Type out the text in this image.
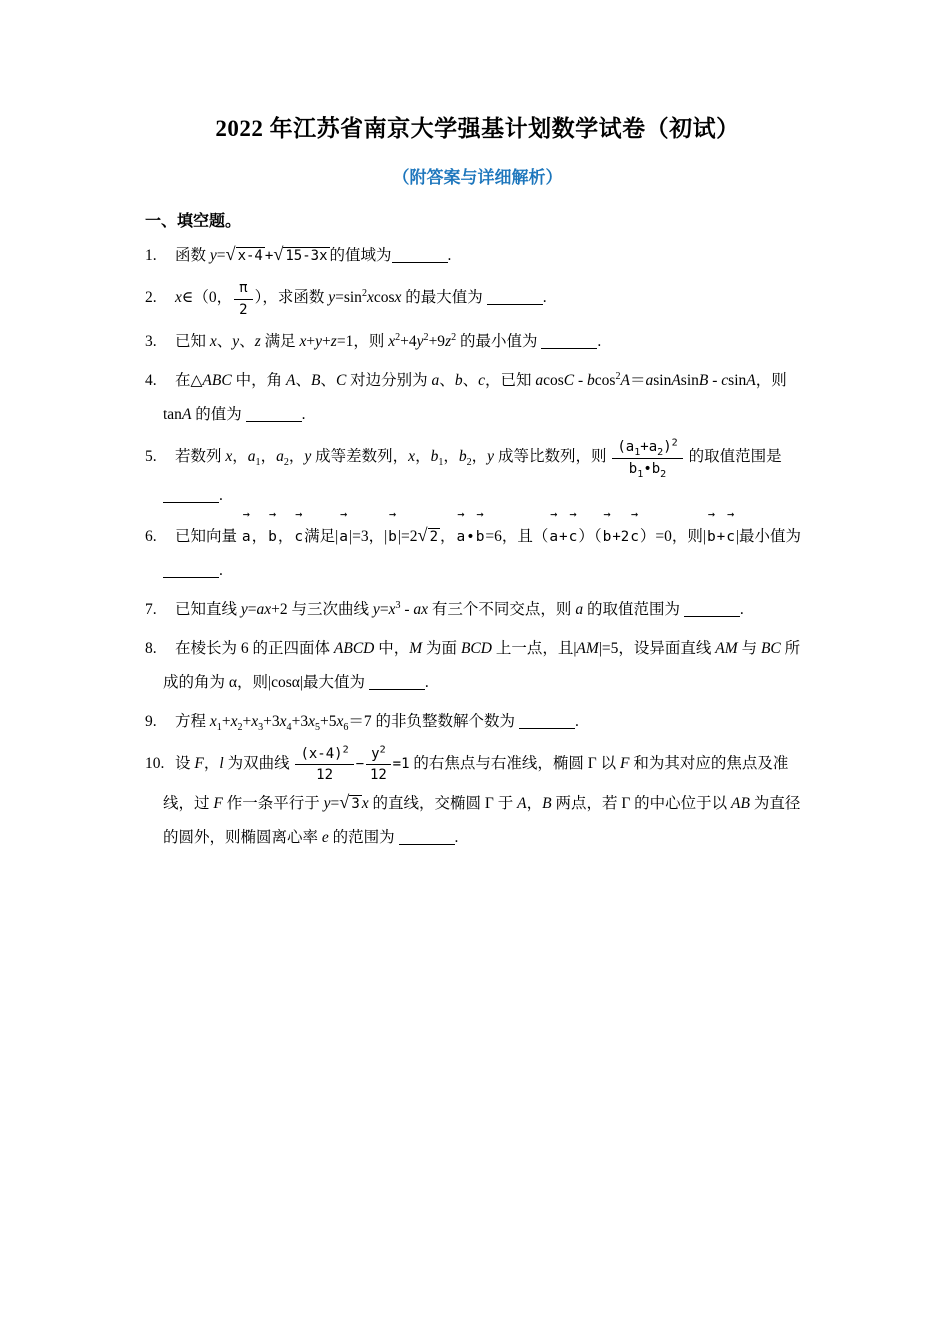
2022 年江苏省南京大学强基计划数学试卷（初试）
（附答案与详细解析）
一、填空题。
1. 函数 y=√ x-4 +√ 15-3x 的值域为	.
2. x∈（0， $\frac{\pi}{2}$ ），求函数 $y=\sin^2xcosx$ 的最大值为	.
3. 已知 x、y、z 满足 x+y+z=1，则 $x^2+4y^2+9z^2$ 的最小值为	.
4. 在△ABC 中，角 A、B、C 对边分别为 a、b、c，已知 acosC - bcos$^2$A＝asinAsinB - csinA，则 tanA 的值为	.
5. 若数列 x，$a_1$，$a_2$，y 成等差数列，x，$b_1$，$b_2$，y 成等比数列，则 $\frac{(a_1+a_2)^2}{b_1•b_2}$ 的取值范围是.
6. 已知向量
→
a，
→
b，
→
c满足|
→
a|=3，|
→
b|=2√ 2 ，
→
a•
→
b=6，且（
→
a+
→
c）（
→
b+2
→
c）=0，则|
→
b+
→
c|最小值为 .
7. 已知直线 y=ax+2 与三次曲线 $y=x^3$ - ax 有三个不同交点，则 a 的取值范围为	.
8. 在棱长为 6 的正四面体 ABCD 中，M 为面 BCD 上一点，且|AM|=5，设异面直线 AM 与 BC 所成的角为 α，则|cosα|最大值为	.
9. 方程 $x_1+x_2+x_3+3x_4+3x_5+5x_6=7$ 的非负整数解个数为	.
10. 设 F，l 为双曲线 $\frac{(x-4)^2}{12} - \frac{y^2}{12} =1$ 的右焦点与右准线，椭圆 Γ 以 F 和为其对应的焦点及准线，过 F 作一条平行于 y=√ 3 x 的直线，交椭圆 Γ 于 A，B 两点，若 Γ 的中心位于以 AB 为直径的圆外，则椭圆离心率 e 的范围为	.
